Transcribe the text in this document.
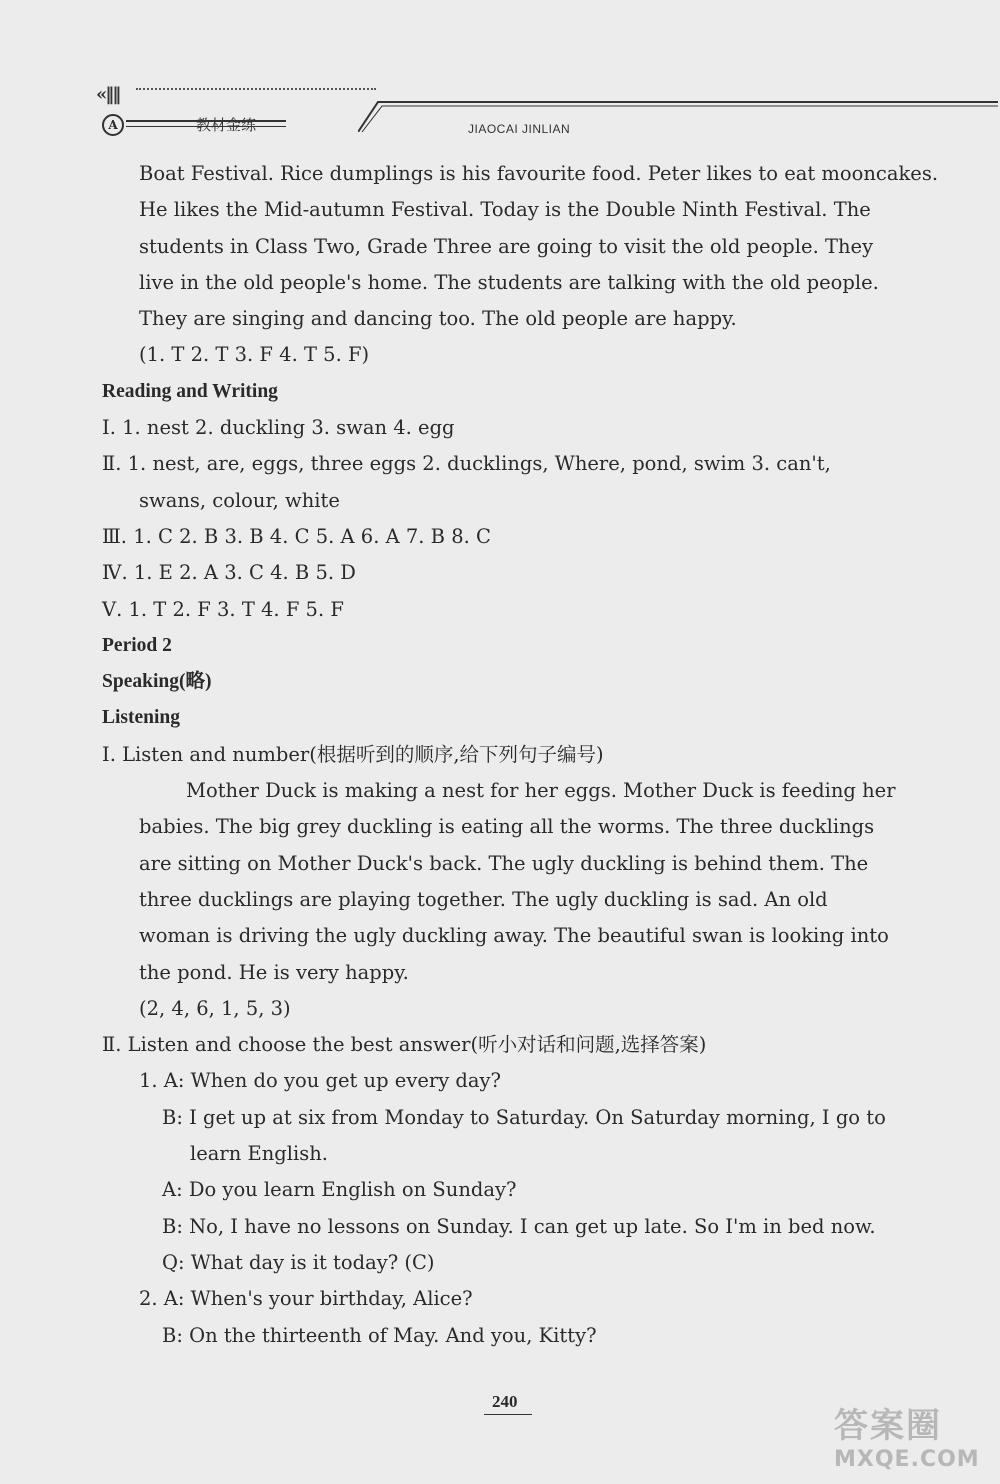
«‖‖
A	教材金练	JIAOCAI JINLIAN
Boat Festival. Rice dumplings is his favourite food. Peter likes to eat mooncakes.
He likes the Mid-autumn Festival. Today is the Double Ninth Festival. The
students in Class Two, Grade Three are going to visit the old people. They
live in the old people's home. The students are talking with the old people.
They are singing and dancing too. The old people are happy.
(1. T 2. T 3. F 4. T 5. F)
Reading and Writing
Ⅰ. 1. nest 2. duckling 3. swan 4. egg
Ⅱ. 1. nest, are, eggs, three eggs 2. ducklings, Where, pond, swim 3. can't,
swans, colour, white
Ⅲ. 1. C 2. B 3. B 4. C 5. A 6. A 7. B 8. C
Ⅳ. 1. E 2. A 3. C 4. B 5. D
Ⅴ. 1. T 2. F 3. T 4. F 5. F
Period 2
Speaking(略)
Listening
Ⅰ. Listen and number(根据听到的顺序,给下列句子编号)
Mother Duck is making a nest for her eggs. Mother Duck is feeding her
babies. The big grey duckling is eating all the worms. The three ducklings
are sitting on Mother Duck's back. The ugly duckling is behind them. The
three ducklings are playing together. The ugly duckling is sad. An old
woman is driving the ugly duckling away. The beautiful swan is looking into
the pond. He is very happy.
(2, 4, 6, 1, 5, 3)
Ⅱ. Listen and choose the best answer(听小对话和问题,选择答案)
1. A: When do you get up every day?
B: I get up at six from Monday to Saturday. On Saturday morning, I go to
learn English.
A: Do you learn English on Sunday?
B: No, I have no lessons on Sunday. I can get up late. So I'm in bed now.
Q: What day is it today? (C)
2. A: When's your birthday, Alice?
B: On the thirteenth of May. And you, Kitty?
240
答案圈
MXQE.COM
